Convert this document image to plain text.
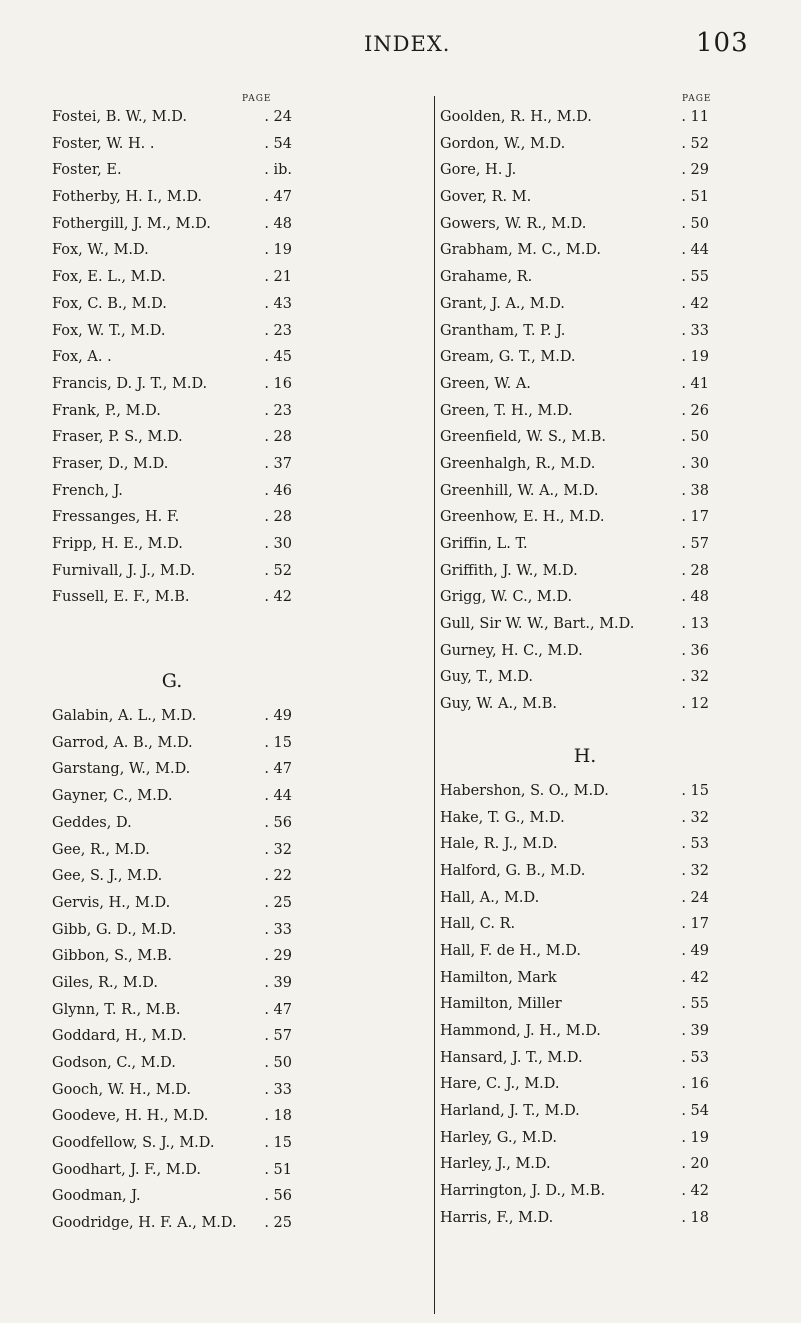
INDEX.	103
PAGE	PAGE
Fostei, B. W., M.D.	. 24
Foster, W. H. .	. 54
Foster, E.	. ib.
Fotherby, H. I., M.D.	. 47
Fothergill, J. M., M.D.	. 48
Fox, W., M.D.	. 19
Fox, E. L., M.D.	. 21
Fox, C. B., M.D.	. 43
Fox, W. T., M.D.	. 23
Fox, A. .	. 45
Francis, D. J. T., M.D.	. 16
Frank, P., M.D.	. 23
Fraser, P. S., M.D.	. 28
Fraser, D., M.D.	. 37
French, J.	. 46
Fressanges, H. F.	. 28
Fripp, H. E., M.D.	. 30
Furnivall, J. J., M.D.	. 52
Fussell, E. F., M.B.	. 42
G.
Galabin, A. L., M.D.	. 49
Garrod, A. B., M.D.	. 15
Garstang, W., M.D.	. 47
Gayner, C., M.D.	. 44
Geddes, D.	. 56
Gee, R., M.D.	. 32
Gee, S. J., M.D.	. 22
Gervis, H., M.D.	. 25
Gibb, G. D., M.D.	. 33
Gibbon, S., M.B.	. 29
Giles, R., M.D.	. 39
Glynn, T. R., M.B.	. 47
Goddard, H., M.D.	. 57
Godson, C., M.D.	. 50
Gooch, W. H., M.D.	. 33
Goodeve, H. H., M.D.	. 18
Goodfellow, S. J., M.D.	. 15
Goodhart, J. F., M.D.	. 51
Goodman, J.	. 56
Goodridge, H. F. A., M.D.	. 25
Goolden, R. H., M.D.	. 11
Gordon, W., M.D.	. 52
Gore, H. J.	. 29
Gover, R. M.	. 51
Gowers, W. R., M.D.	. 50
Grabham, M. C., M.D.	. 44
Grahame, R.	. 55
Grant, J. A., M.D.	. 42
Grantham, T. P. J.	. 33
Gream, G. T., M.D.	. 19
Green, W. A.	. 41
Green, T. H., M.D.	. 26
Greenfield, W. S., M.B.	. 50
Greenhalgh, R., M.D.	. 30
Greenhill, W. A., M.D.	. 38
Greenhow, E. H., M.D.	. 17
Griffin, L. T.	. 57
Griffith, J. W., M.D.	. 28
Grigg, W. C., M.D.	. 48
Gull, Sir W. W., Bart., M.D.	. 13
Gurney, H. C., M.D.	. 36
Guy, T., M.D.	. 32
Guy, W. A., M.B.	. 12
H.
Habershon, S. O., M.D.	. 15
Hake, T. G., M.D.	. 32
Hale, R. J., M.D.	. 53
Halford, G. B., M.D.	. 32
Hall, A., M.D.	. 24
Hall, C. R.	. 17
Hall, F. de H., M.D.	. 49
Hamilton, Mark	. 42
Hamilton, Miller	. 55
Hammond, J. H., M.D.	. 39
Hansard, J. T., M.D.	. 53
Hare, C. J., M.D.	. 16
Harland, J. T., M.D.	. 54
Harley, G., M.D.	. 19
Harley, J., M.D.	. 20
Harrington, J. D., M.B.	. 42
Harris, F., M.D.	. 18
